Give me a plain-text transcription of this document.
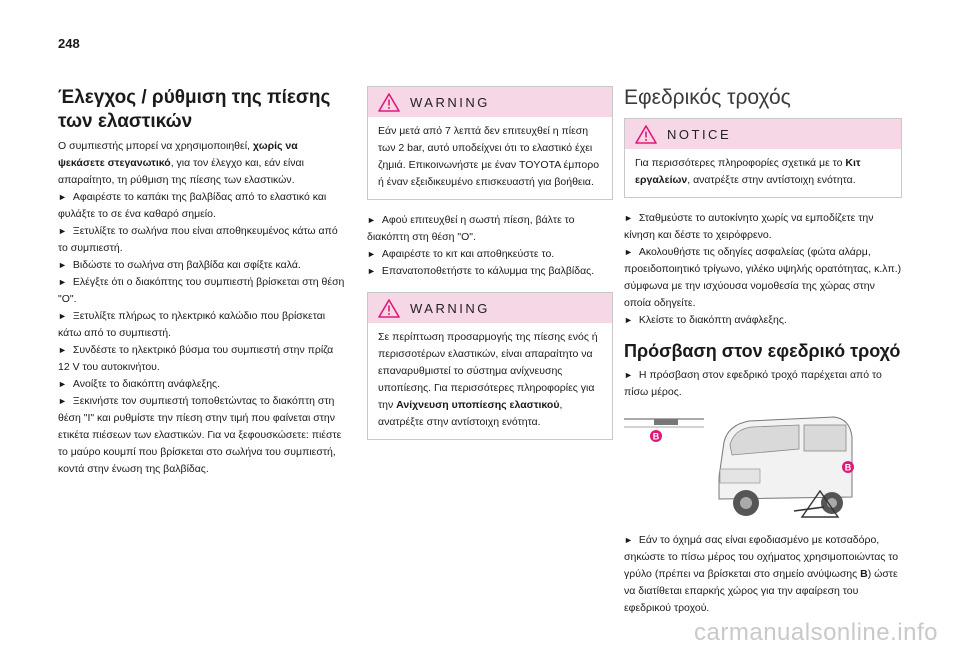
248
Έλεγχος / ρύθμιση της πίεσης των ελαστικών

Ο συμπιεστής μπορεί να χρησιμοποιηθεί, χωρίς να ψεκάσετε στεγανωτικό, για τον έλεγχο και, εάν είναι απαραίτητο, τη ρύθμιση της πίεσης των ελαστικών.

► Αφαιρέστε το καπάκι της βαλβίδας από το ελαστικό και φυλάξτε το σε ένα καθαρό σημείο.
► Ξετυλίξτε το σωλήνα που είναι αποθηκευμένος κάτω από το συμπιεστή.
► Βιδώστε το σωλήνα στη βαλβίδα και σφίξτε καλά.
► Ελέγξτε ότι ο διακόπτης του συμπιεστή βρίσκεται στη θέση "O".
► Ξετυλίξτε πλήρως το ηλεκτρικό καλώδιο που βρίσκεται κάτω από το συμπιεστή.
► Συνδέστε το ηλεκτρικό βύσμα του συμπιεστή στην πρίζα 12 V του αυτοκινήτου.
► Ανοίξτε το διακόπτη ανάφλεξης.
► Ξεκινήστε τον συμπιεστή τοποθετώντας το διακόπτη στη θέση "I" και ρυθμίστε την πίεση στην τιμή που φαίνεται στην ετικέτα πιέσεων των ελαστικών. Για να ξεφουσκώσετε: πιέστε το μαύρο κουμπί που βρίσκεται στο σωλήνα του συμπιεστή, κοντά στην ένωση της βαλβίδας.
WARNING

Εάν μετά από 7 λεπτά δεν επιτευχθεί η πίεση των 2 bar, αυτό υποδείχνει ότι το ελαστικό έχει ζημιά. Επικοινωνήστε με έναν TOYOTA έμπορο ή έναν εξειδικευμένο επισκευαστή για βοήθεια.

► Αφού επιτευχθεί η σωστή πίεση, βάλτε το διακόπτη στη θέση "O".
► Αφαιρέστε το κιτ και αποθηκεύστε το.
► Επανατοποθετήστε το κάλυμμα της βαλβίδας.
WARNING

Σε περίπτωση προσαρμογής της πίεσης ενός ή περισσοτέρων ελαστικών, είναι απαραίτητο να επαναρυθμιστεί το σύστημα ανίχνευσης υποπίεσης. Για περισσότερες πληροφορίες για την Ανίχνευση υποπίεσης ελαστικού, ανατρέξτε στην αντίστοιχη ενότητα.

Εφεδρικός τροχός
NOTICE

Για περισσότερες πληροφορίες σχετικά με το Κιτ εργαλείων, ανατρέξτε στην αντίστοιχη ενότητα.

► Σταθμεύστε το αυτοκίνητο χωρίς να εμποδίζετε την κίνηση και δέστε το χειρόφρενο.
► Ακολουθήστε τις οδηγίες ασφαλείας (φώτα αλάρμ, προειδοποιητικό τρίγωνο, γιλέκο υψηλής ορατότητας, κ.λπ.) σύμφωνα με την ισχύουσα νομοθεσία της χώρας στην οποία οδηγείτε.
► Κλείστε το διακόπτη ανάφλεξης.
Πρόσβαση στον εφεδρικό τροχό
► Η πρόσβαση στον εφεδρικό τροχό παρέχεται από το πίσω μέρος.
B
B
► Εάν το όχημά σας είναι εφοδιασμένο με κοτσαδόρο, σηκώστε το πίσω μέρος του οχήματος χρησιμοποιώντας το γρύλο (πρέπει να βρίσκεται στο σημείο ανύψωσης B) ώστε να διατίθεται επαρκής χώρος για την αφαίρεση του εφεδρικού τροχού.
carmanualsonline.info
